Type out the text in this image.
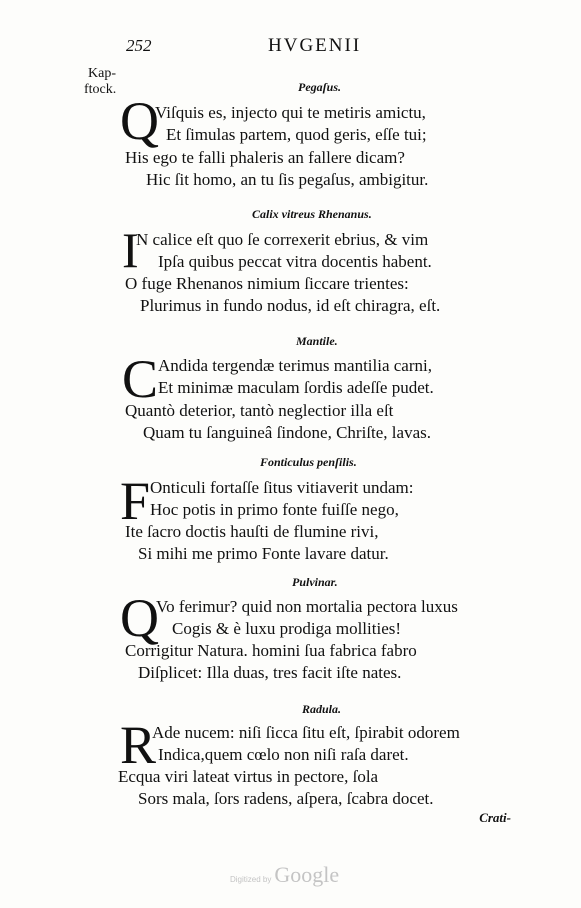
252	HVGENII
Kap-
ftock.	Pegaſus.
Q
Viſquis es, injecto qui te metiris amictu,
Et ſimulas partem, quod geris, eſſe tui;
His ego te falli phaleris an fallere dicam?
Hic ſit homo, an tu ſis pegaſus, ambigitur.
Calix vitreus Rhenanus.
I
N calice eſt quo ſe correxerit ebrius, & vim
Ipſa quibus peccat vitra docentis habent.
O fuge Rhenanos nimium ſiccare trientes:
Plurimus in fundo nodus, id eſt chiragra, eſt.
Mantile.
C Andida tergendæ terimus mantilia carni,
Et minimæ maculam ſordis adeſſe pudet.
Quantò deterior, tantò neglectior illa eſt
Quam tu ſanguineâ ſindone, Chriſte, lavas.
Fonticulus penſilis.
F Onticuli fortaſſe ſitus vitiaverit undam:
Hoc potis in primo fonte fuiſſe nego,
Ite ſacro doctis hauſti de flumine rivi,
Si mihi me primo Fonte lavare datur.
Pulvinar.
Q
Vo ferimur? quid non mortalia pectora luxus
Cogis & è luxu prodiga mollities!
Corrigitur Natura. homini ſua fabrica fabro
Diſplicet: Illa duas, tres facit iſte nates.
Radula.
R
Ade nucem: niſi ſicca ſitu eſt, ſpirabit odorem
Indica,quem cœlo non niſi raſa daret.
Ecqua viri lateat virtus in pectore, ſola
Sors mala, ſors radens, aſpera, ſcabra docet.
Crati-
Digitized by Google
